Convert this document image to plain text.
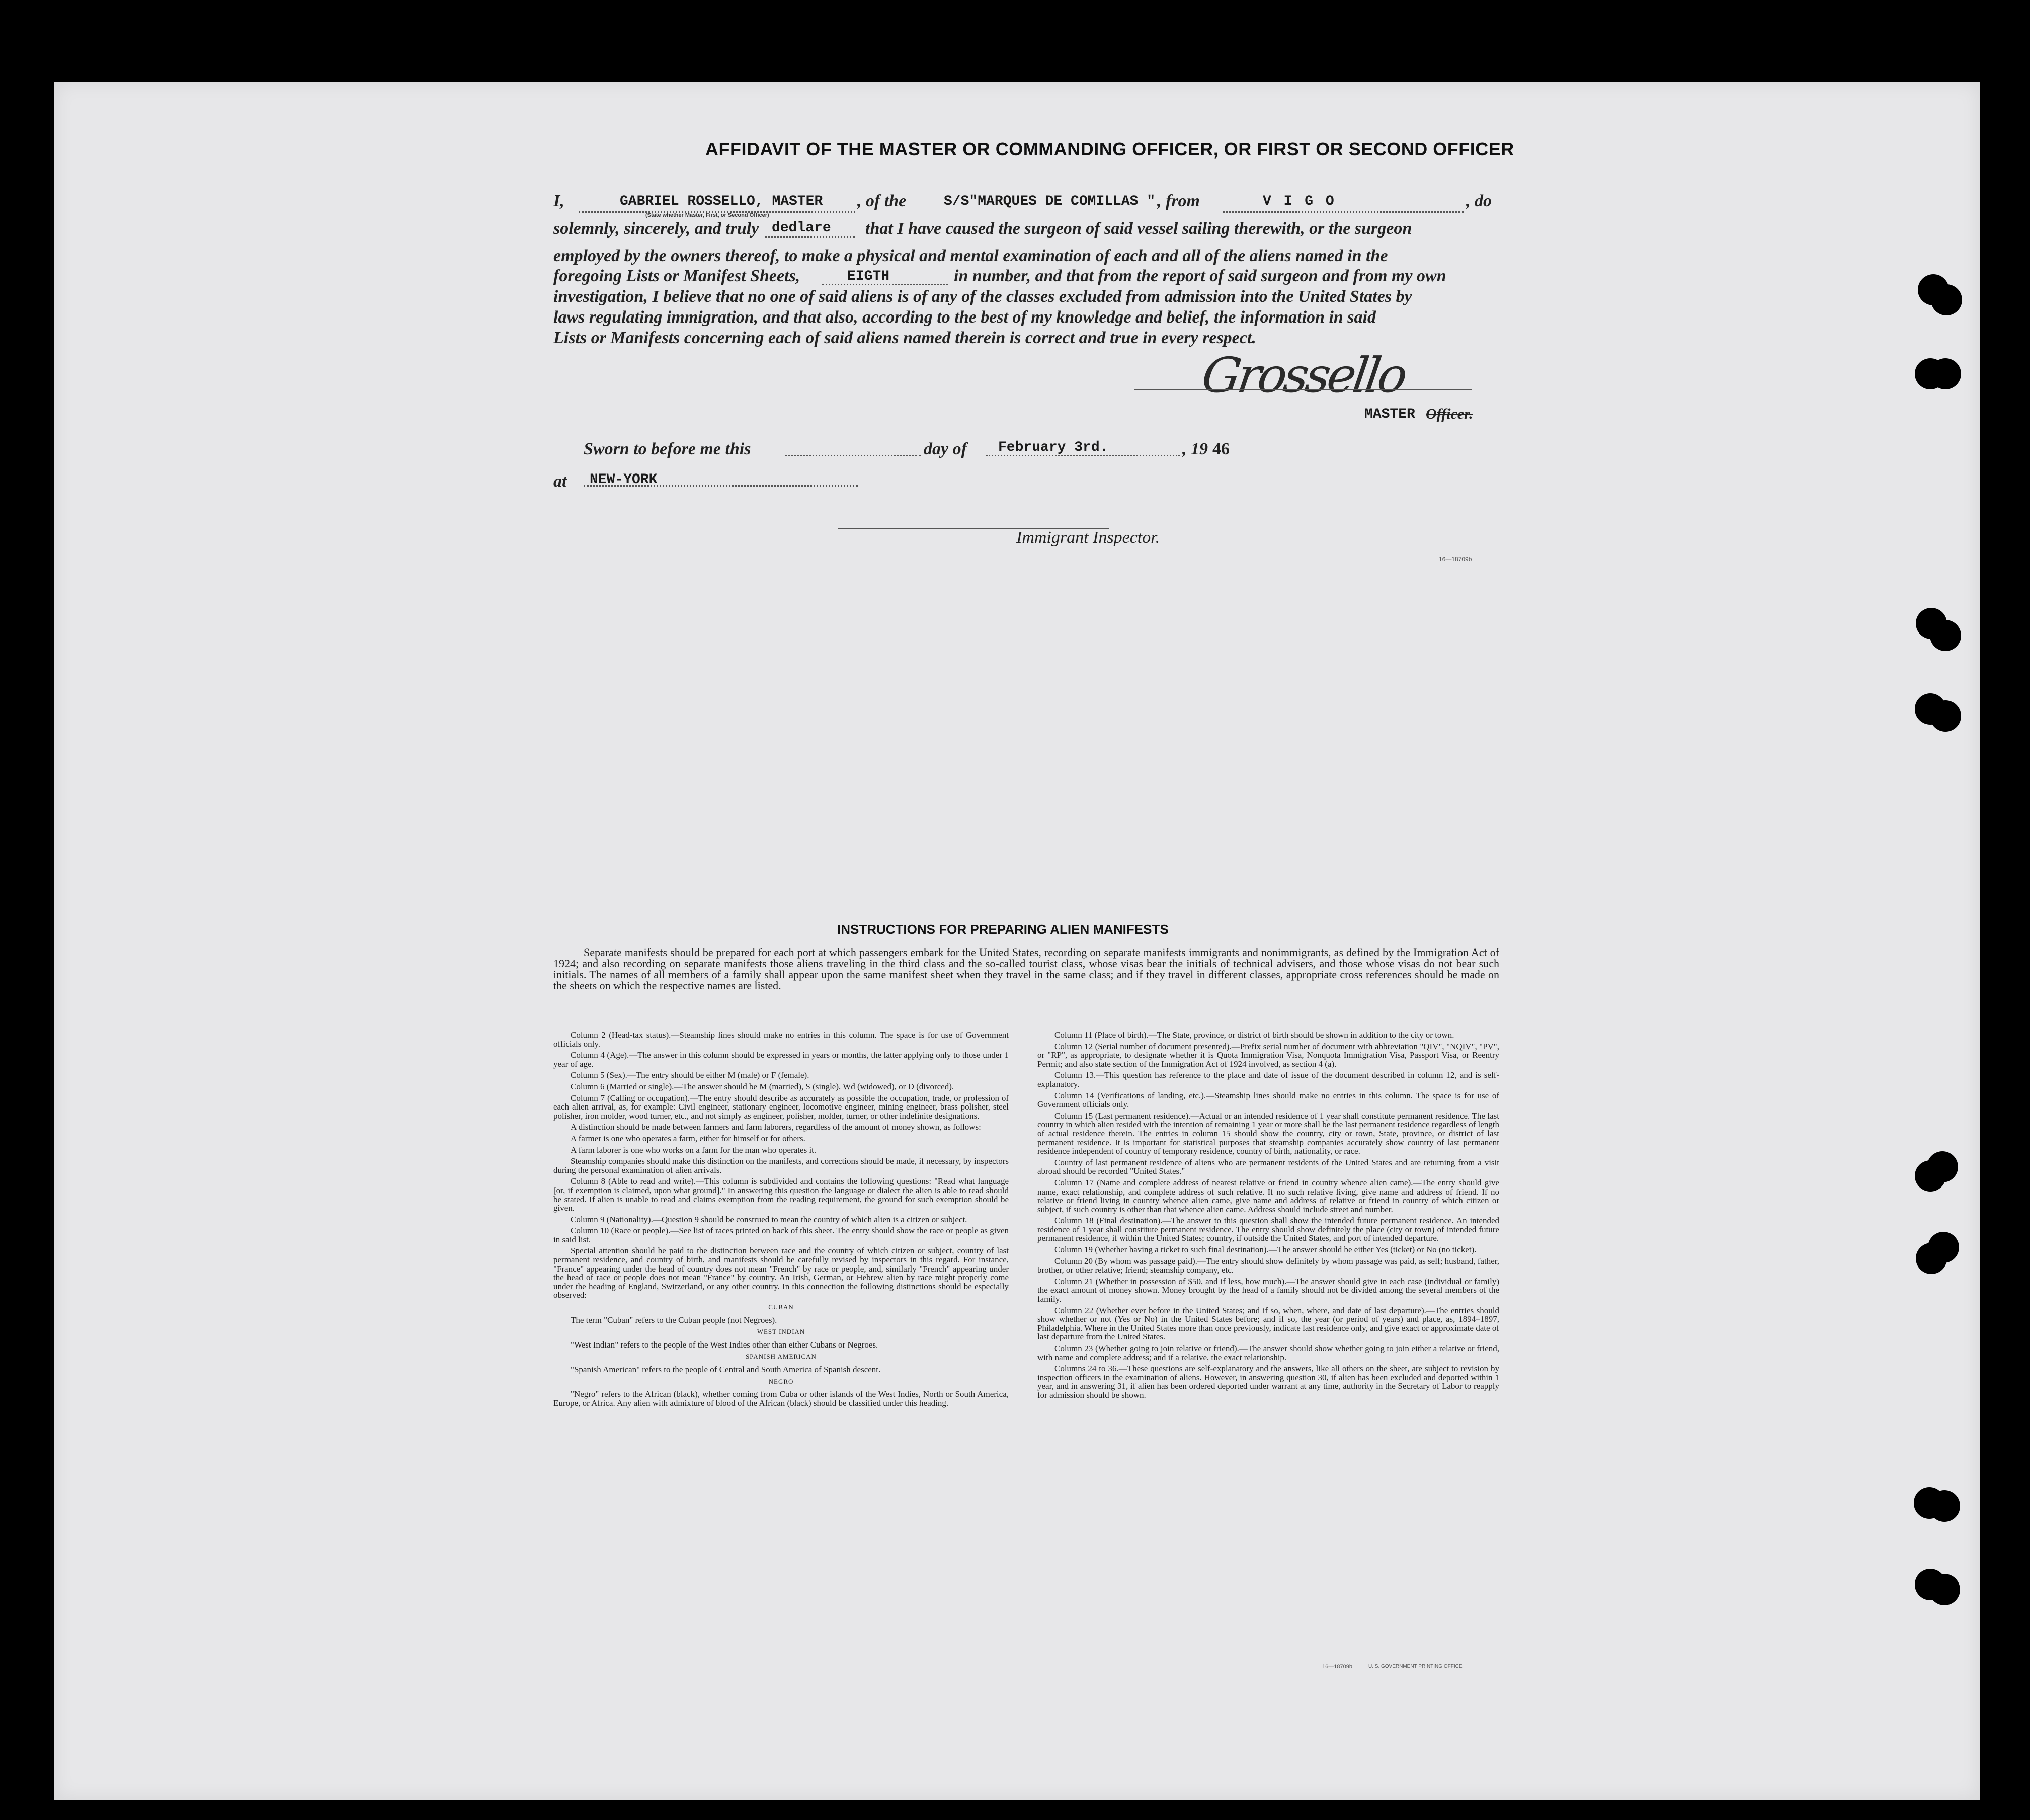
AFFIDAVIT OF THE MASTER OR COMMANDING OFFICER, OR FIRST OR SECOND OFFICER
I,	GABRIEL ROSSELLO, MASTER
(State whether Master, First, or Second Officer)
, of the	S/S"MARQUES DE COMILLAS " , from	V I G O	, do
solemnly, sincerely, and truly dedlare that I have caused the surgeon of said vessel sailing therewith, or the surgeon
employed by the owners thereof, to make a physical and mental examination of each and all of the aliens named in the
foregoing Lists or Manifest Sheets,	EIGTH	in number, and that from the report of said surgeon and from my own
investigation, I believe that no one of said aliens is of any of the classes excluded from admission into the United States by
laws regulating immigration, and that also, according to the best of my knowledge and belief, the information in said
Lists or Manifests concerning each of said aliens named therein is correct and true in every respect.
Grossello
MASTER Officer.
Sworn to before me this	day of February 3rd.	, 19 46
at NEW-YORK
Immigrant Inspector.
16—18709b
INSTRUCTIONS FOR PREPARING ALIEN MANIFESTS
Separate manifests should be prepared for each port at which passengers embark for the United States, recording on separate manifests immigrants and nonimmigrants, as defined by the Immigration Act of 1924; and also recording on separate manifests those aliens traveling in the third class and the so-called tourist class, whose visas bear the initials of technical advisers, and those whose visas do not bear such initials. The names of all members of a family shall appear upon the same manifest sheet when they travel in the same class; and if they travel in different classes, appropriate cross references should be made on the sheets on which the respective names are listed.

Column 2 (Head-tax status).—Steamship lines should make no entries in this column. The space is for use of Government officials only.

Column 4 (Age).—The answer in this column should be expressed in years or months, the latter applying only to those under 1 year of age.

Column 5 (Sex).—The entry should be either M (male) or F (female).

Column 6 (Married or single).—The answer should be M (married), S (single), Wd (widowed), or D (divorced).

Column 7 (Calling or occupation).—The entry should describe as accurately as possible the occupation, trade, or profession of each alien arrival, as, for example: Civil engineer, stationary engineer, locomotive engineer, mining engineer, brass polisher, steel polisher, iron molder, wood turner, etc., and not simply as engineer, polisher, molder, turner, or other indefinite designations.

A distinction should be made between farmers and farm laborers, regardless of the amount of money shown, as follows:

A farmer is one who operates a farm, either for himself or for others.

A farm laborer is one who works on a farm for the man who operates it.

Steamship companies should make this distinction on the manifests, and corrections should be made, if necessary, by inspectors during the personal examination of alien arrivals.

Column 8 (Able to read and write).—This column is subdivided and contains the following questions: "Read what language [or, if exemption is claimed, upon what ground]." In answering this question the language or dialect the alien is able to read should be stated. If alien is unable to read and claims exemption from the reading requirement, the ground for such exemption should be given.

Column 9 (Nationality).—Question 9 should be construed to mean the country of which alien is a citizen or subject.

Column 10 (Race or people).—See list of races printed on back of this sheet. The entry should show the race or people as given in said list.

Special attention should be paid to the distinction between race and the country of which citizen or subject, country of last permanent residence, and country of birth, and manifests should be carefully revised by inspectors in this regard. For instance, "France" appearing under the head of country does not mean "French" by race or people, and, similarly "French" appearing under the head of race or people does not mean "France" by country. An Irish, German, or Hebrew alien by race might properly come under the heading of England, Switzerland, or any other country. In this connection the following distinctions should be especially observed:

CUBAN

The term "Cuban" refers to the Cuban people (not Negroes).

WEST INDIAN

"West Indian" refers to the people of the West Indies other than either Cubans or Negroes.

SPANISH AMERICAN

"Spanish American" refers to the people of Central and South America of Spanish descent.

NEGRO

"Negro" refers to the African (black), whether coming from Cuba or other islands of the West Indies, North or South America, Europe, or Africa. Any alien with admixture of blood of the African (black) should be classified under this heading.

Column 11 (Place of birth).—The State, province, or district of birth should be shown in addition to the city or town.

Column 12 (Serial number of document presented).—Prefix serial number of document with abbreviation "QIV", "NQIV", "PV", or "RP", as appropriate, to designate whether it is Quota Immigration Visa, Nonquota Immigration Visa, Passport Visa, or Reentry Permit; and also state section of the Immigration Act of 1924 involved, as section 4 (a).

Column 13.—This question has reference to the place and date of issue of the document described in column 12, and is self-explanatory.

Column 14 (Verifications of landing, etc.).—Steamship lines should make no entries in this column. The space is for use of Government officials only.

Column 15 (Last permanent residence).—Actual or an intended residence of 1 year shall constitute permanent residence. The last country in which alien resided with the intention of remaining 1 year or more shall be the last permanent residence regardless of length of actual residence therein. The entries in column 15 should show the country, city or town, State, province, or district of last permanent residence. It is important for statistical purposes that steamship companies accurately show country of last permanent residence independent of country of temporary residence, country of birth, nationality, or race.

Country of last permanent residence of aliens who are permanent residents of the United States and are returning from a visit abroad should be recorded "United States."

Column 17 (Name and complete address of nearest relative or friend in country whence alien came).—The entry should give name, exact relationship, and complete address of such relative. If no such relative living, give name and address of friend. If no relative or friend living in country whence alien came, give name and address of relative or friend in country of which citizen or subject, if such country is other than that whence alien came. Address should include street and number.

Column 18 (Final destination).—The answer to this question shall show the intended future permanent residence. An intended residence of 1 year shall constitute permanent residence. The entry should show definitely the place (city or town) of intended future permanent residence, if within the United States; country, if outside the United States, and port of intended departure.

Column 19 (Whether having a ticket to such final destination).—The answer should be either Yes (ticket) or No (no ticket).

Column 20 (By whom was passage paid).—The entry should show definitely by whom passage was paid, as self; husband, father, brother, or other relative; friend; steamship company, etc.

Column 21 (Whether in possession of $50, and if less, how much).—The answer should give in each case (individual or family) the exact amount of money shown. Money brought by the head of a family should not be divided among the several members of the family.

Column 22 (Whether ever before in the United States; and if so, when, where, and date of last departure).—The entries should show whether or not (Yes or No) in the United States before; and if so, the year (or period of years) and place, as, 1894–1897, Philadelphia. Where in the United States more than once previously, indicate last residence only, and give exact or approximate date of last departure from the United States.

Column 23 (Whether going to join relative or friend).—The answer should show whether going to join either a relative or friend, with name and complete address; and if a relative, the exact relationship.

Columns 24 to 36.—These questions are self-explanatory and the answers, like all others on the sheet, are subject to revision by inspection officers in the examination of aliens. However, in answering question 30, if alien has been excluded and deported within 1 year, and in answering 31, if alien has been ordered deported under warrant at any time, authority in the Secretary of Labor to reapply for admission should be shown.

16—18709b	U. S. GOVERNMENT PRINTING OFFICE
